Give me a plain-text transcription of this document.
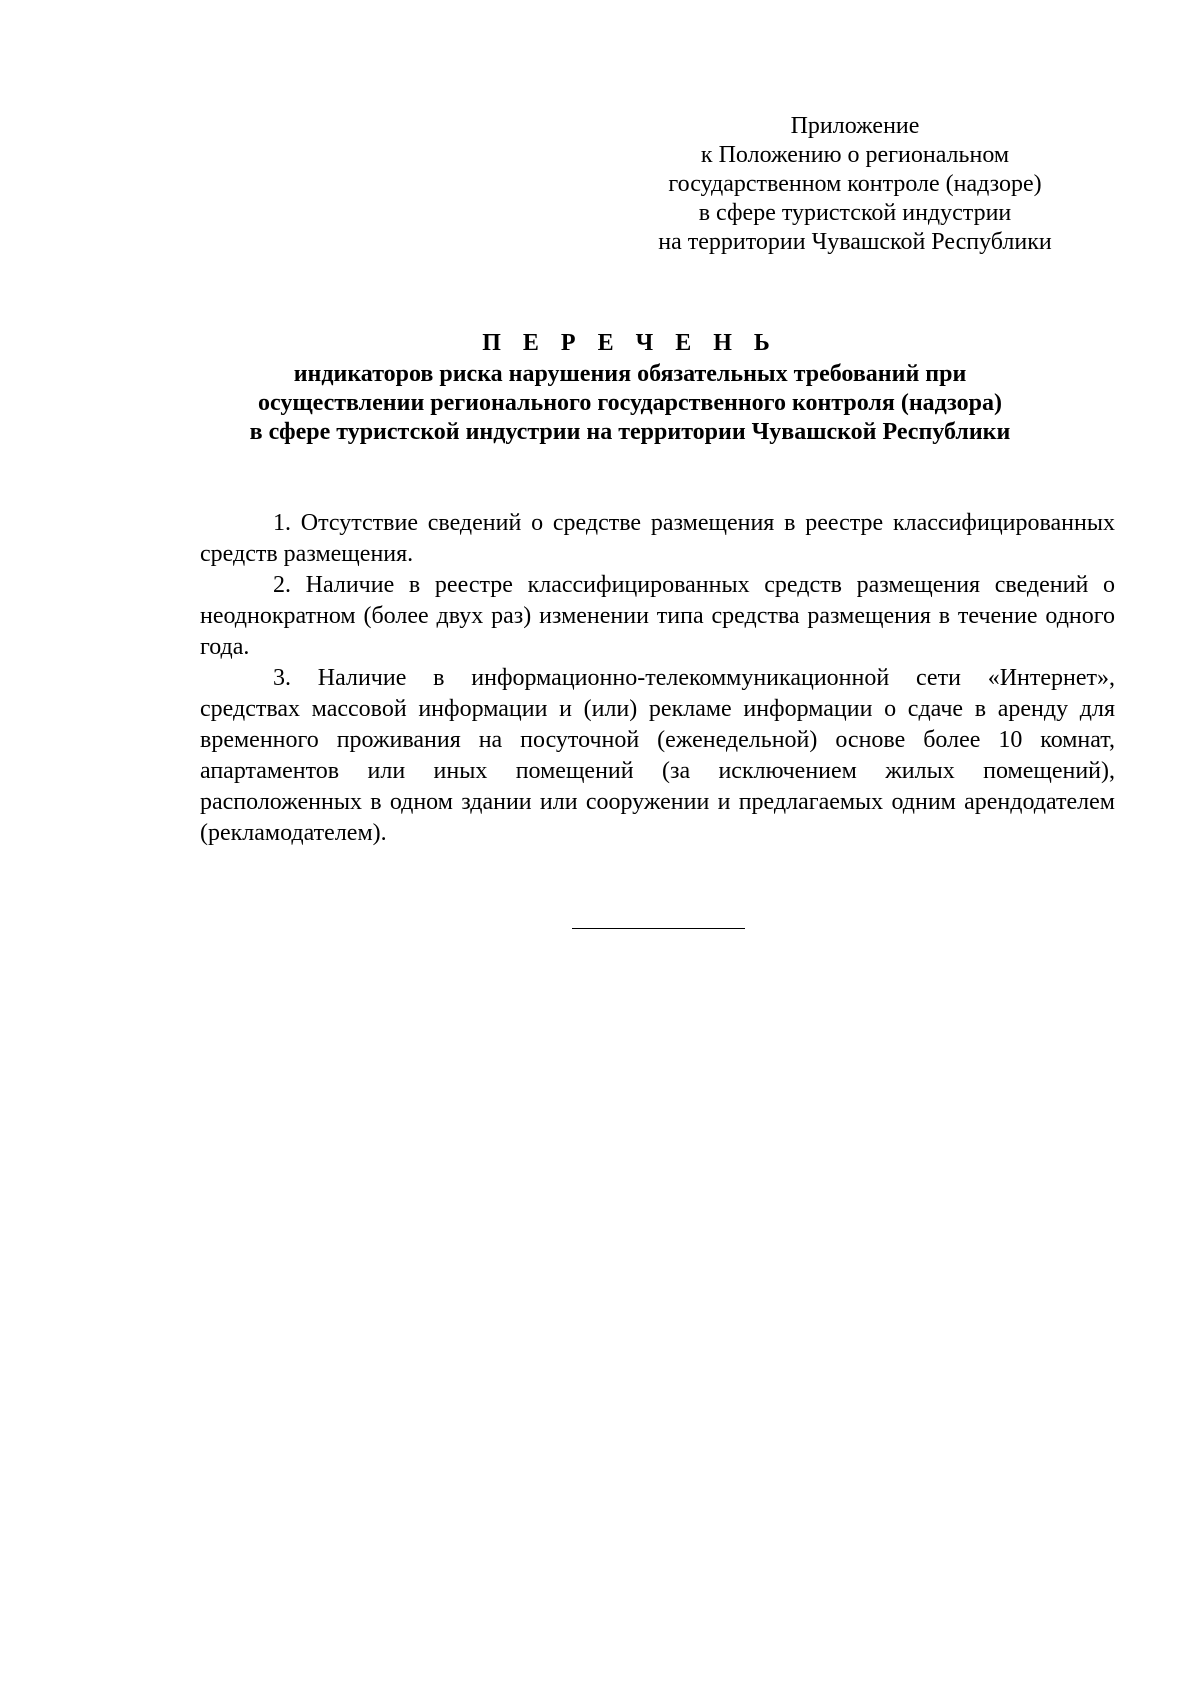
Приложение
к Положению о региональном
государственном контроле (надзоре)
в сфере туристской индустрии
на территории Чувашской Республики
П Е Р Е Ч Е Н Ь
индикаторов риска нарушения обязательных требований при
осуществлении регионального государственного контроля (надзора)
в сфере туристской индустрии на территории Чувашской Республики

1. Отсутствие сведений о средстве размещения в реестре классифицированных средств размещения.

2. Наличие в реестре классифицированных средств размещения сведений о неоднократном (более двух раз) изменении типа средства размещения в течение одного года.

3. Наличие в информационно-телекоммуникационной сети «Интернет», средствах массовой информации и (или) рекламе информации о сдаче в аренду для временного проживания на посуточной (еженедельной) основе более 10 комнат, апартаментов или иных помещений (за исключением жилых помещений), расположенных в одном здании или сооружении и предлагаемых одним арендодателем (рекламодателем).
